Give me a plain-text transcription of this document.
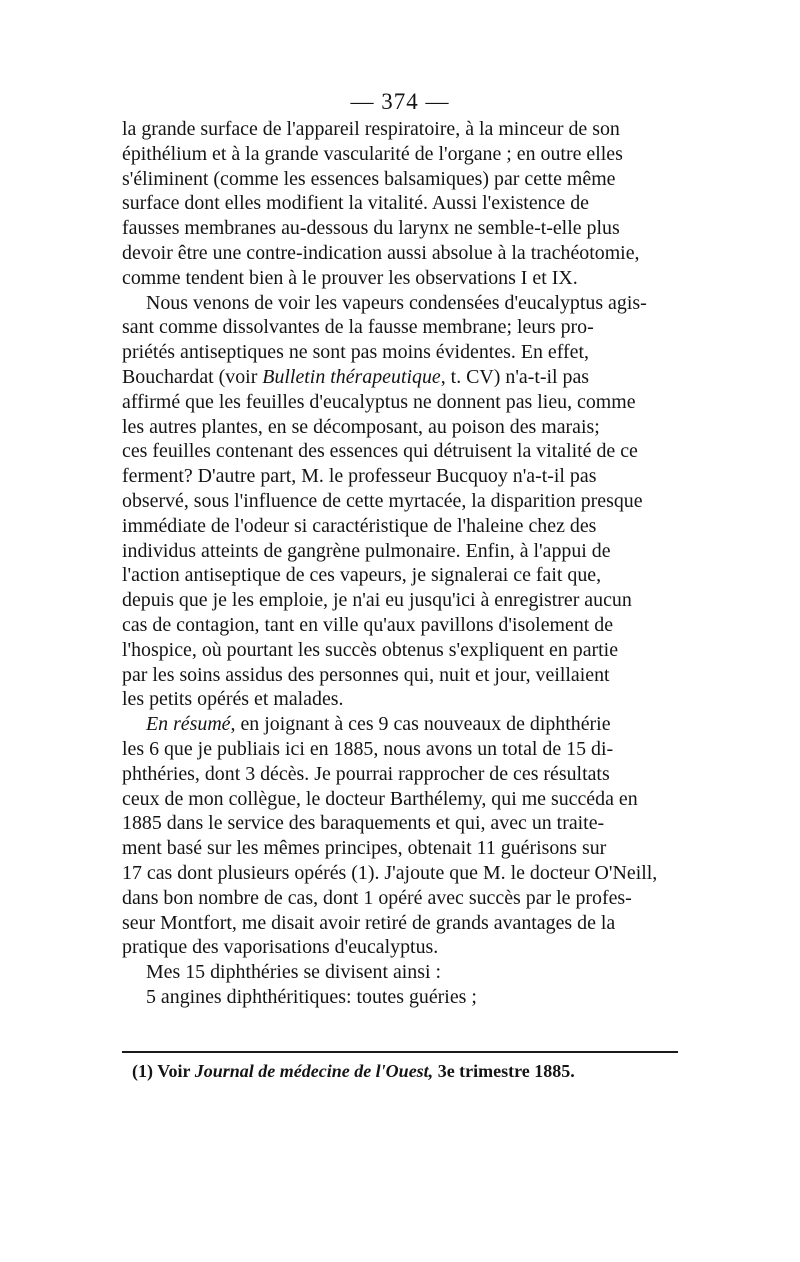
— 374 —
la grande surface de l'appareil respiratoire, à la minceur de son
épithélium et à la grande vascularité de l'organe ; en outre elles
s'éliminent (comme les essences balsamiques) par cette même
surface dont elles modifient la vitalité. Aussi l'existence de
fausses membranes au-dessous du larynx ne semble-t-elle plus
devoir être une contre-indication aussi absolue à la trachéotomie,
comme tendent bien à le prouver les observations I et IX.
Nous venons de voir les vapeurs condensées d'eucalyptus agis-
sant comme dissolvantes de la fausse membrane; leurs pro-
priétés antiseptiques ne sont pas moins évidentes. En effet,
Bouchardat (voir Bulletin thérapeutique, t. CV) n'a-t-il pas
affirmé que les feuilles d'eucalyptus ne donnent pas lieu, comme
les autres plantes, en se décomposant, au poison des marais;
ces feuilles contenant des essences qui détruisent la vitalité de ce
ferment? D'autre part, M. le professeur Bucquoy n'a-t-il pas
observé, sous l'influence de cette myrtacée, la disparition presque
immédiate de l'odeur si caractéristique de l'haleine chez des
individus atteints de gangrène pulmonaire. Enfin, à l'appui de
l'action antiseptique de ces vapeurs, je signalerai ce fait que,
depuis que je les emploie, je n'ai eu jusqu'ici à enregistrer aucun
cas de contagion, tant en ville qu'aux pavillons d'isolement de
l'hospice, où pourtant les succès obtenus s'expliquent en partie
par les soins assidus des personnes qui, nuit et jour, veillaient
les petits opérés et malades.
En résumé, en joignant à ces 9 cas nouveaux de diphthérie
les 6 que je publiais ici en 1885, nous avons un total de 15 di-
phthéries, dont 3 décès. Je pourrai rapprocher de ces résultats
ceux de mon collègue, le docteur Barthélemy, qui me succéda en
1885 dans le service des baraquements et qui, avec un traite-
ment basé sur les mêmes principes, obtenait 11 guérisons sur
17 cas dont plusieurs opérés (1). J'ajoute que M. le docteur O'Neill,
dans bon nombre de cas, dont 1 opéré avec succès par le profes-
seur Montfort, me disait avoir retiré de grands avantages de la
pratique des vaporisations d'eucalyptus.
Mes 15 diphthéries se divisent ainsi :
5 angines diphthéritiques: toutes guéries ;
(1) Voir Journal de médecine de l'Ouest, 3e trimestre 1885.
